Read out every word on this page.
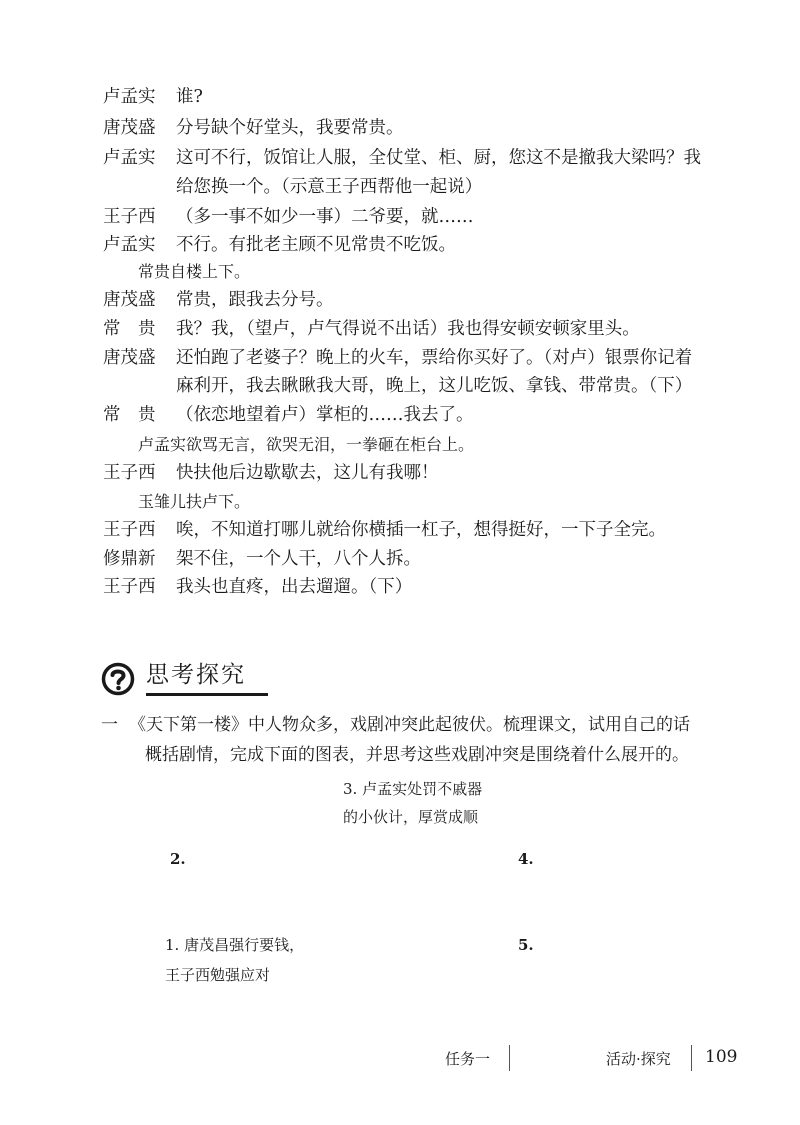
卢孟实	谁?
唐茂盛	分号缺个好堂头，我要常贵。
卢孟实	这可不行，饭馆让人服，全仗堂、柜、厨，您这不是撤我大梁吗？我
给您换一个。（示意王子西帮他一起说）
王子西	（多一事不如少一事）二爷要，就……
卢孟实	不行。有批老主顾不见常贵不吃饭。
常贵自楼上下。
唐茂盛	常贵，跟我去分号。
常　贵	我？我，（望卢，卢气得说不出话）我也得安顿安顿家里头。
唐茂盛	还怕跑了老婆子？晚上的火车，票给你买好了。（对卢）银票你记着
麻利开，我去瞅瞅我大哥，晚上，这儿吃饭、拿钱、带常贵。（下）
常　贵	（依恋地望着卢）掌柜的……我去了。
卢孟实欲骂无言，欲哭无泪，一拳砸在柜台上。
王子西	快扶他后边歇歇去，这儿有我哪！
玉雏儿扶卢下。
王子西	唉，不知道打哪儿就给你横插一杠子，想得挺好，一下子全完。
修鼎新	架不住，一个人干，八个人拆。
王子西	我头也直疼，出去遛遛。（下）
思考探究
一 《天下第一楼》中人物众多，戏剧冲突此起彼伏。梳理课文，试用自己的话
概括剧情，完成下面的图表，并思考这些戏剧冲突是围绕着什么展开的。
3. 卢孟实处罚不戚器
的小伙计，厚赏成顺
2.	4.
1. 唐茂昌强行要钱，
王子西勉强应对
5.
任务一	活动·探究 109
